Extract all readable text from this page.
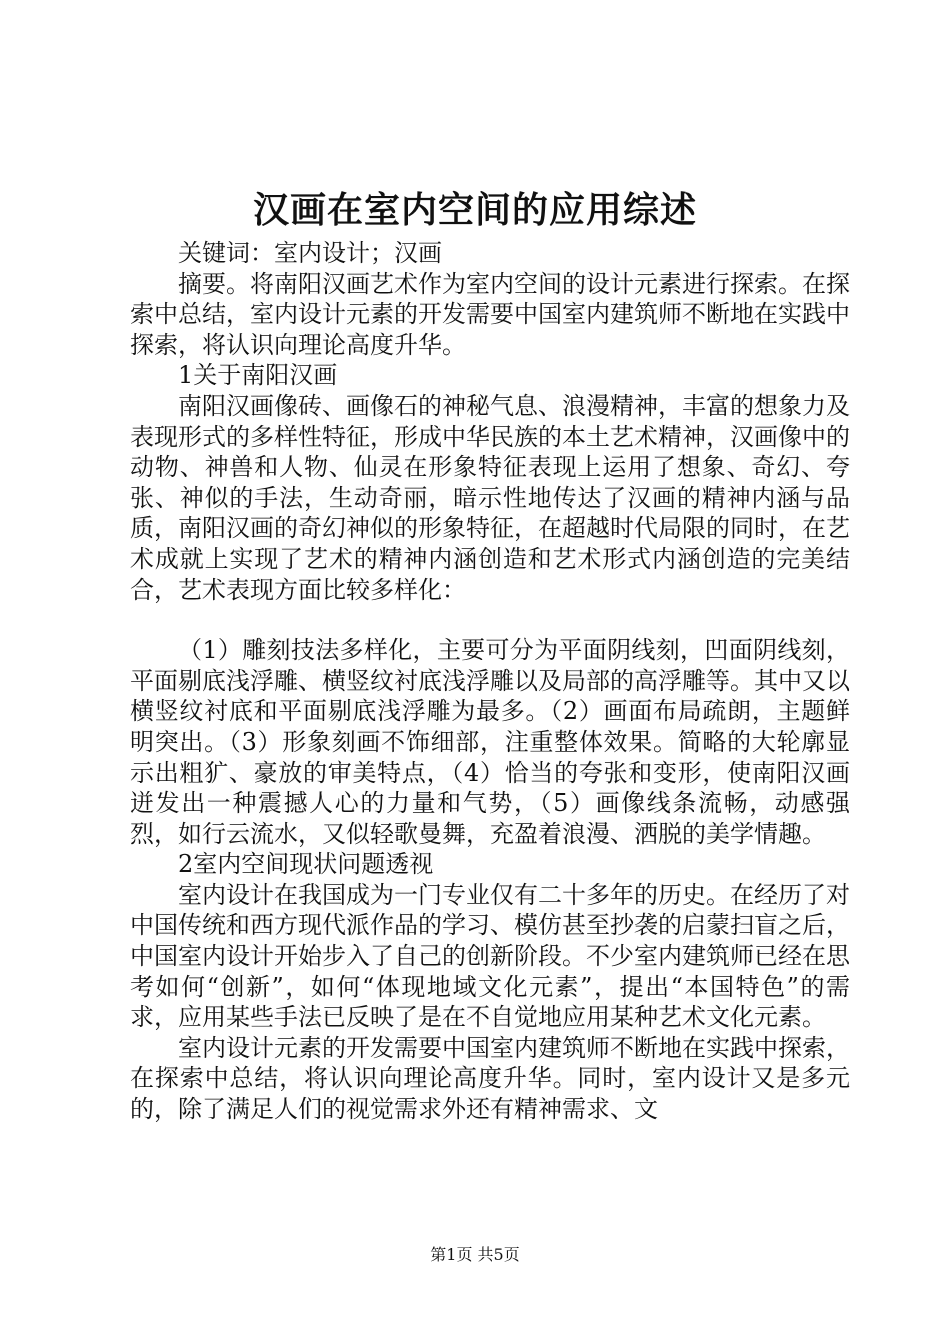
汉画在室内空间的应用综述

关键词：室内设计；汉画

摘要。将南阳汉画艺术作为室内空间的设计元素进行探索。在探索中总结，室内设计元素的开发需要中国室内建筑师不断地在实践中探索，将认识向理论高度升华。

1关于南阳汉画

南阳汉画像砖、画像石的神秘气息、浪漫精神，丰富的想象力及表现形式的多样性特征，形成中华民族的本土艺术精神，汉画像中的动物、神兽和人物、仙灵在形象特征表现上运用了想象、奇幻、夸张、神似的手法，生动奇丽，暗示性地传达了汉画的精神内涵与品质，南阳汉画的奇幻神似的形象特征，在超越时代局限的同时，在艺术成就上实现了艺术的精神内涵创造和艺术形式内涵创造的完美结合，艺术表现方面比较多样化：

（1）雕刻技法多样化，主要可分为平面阴线刻，凹面阴线刻，平面剔底浅浮雕、横竖纹衬底浅浮雕以及局部的高浮雕等。其中又以横竖纹衬底和平面剔底浅浮雕为最多。（2）画面布局疏朗，主题鲜明突出。（3）形象刻画不饰细部，注重整体效果。简略的大轮廓显示出粗犷、豪放的审美特点，（4）恰当的夸张和变形，使南阳汉画迸发出一种震撼人心的力量和气势，（5）画像线条流畅，动感强烈，如行云流水，又似轻歌曼舞，充盈着浪漫、洒脱的美学情趣。

2室内空间现状问题透视

室内设计在我国成为一门专业仅有二十多年的历史。在经历了对中国传统和西方现代派作品的学习、模仿甚至抄袭的启蒙扫盲之后，中国室内设计开始步入了自己的创新阶段。不少室内建筑师已经在思考如何“创新”，如何“体现地域文化元素”，提出“本国特色”的需求，应用某些手法已反映了是在不自觉地应用某种艺术文化元素。

室内设计元素的开发需要中国室内建筑师不断地在实践中探索，在探索中总结，将认识向理论高度升华。同时，室内设计又是多元的，除了满足人们的视觉需求外还有精神需求、文

第1页 共5页
